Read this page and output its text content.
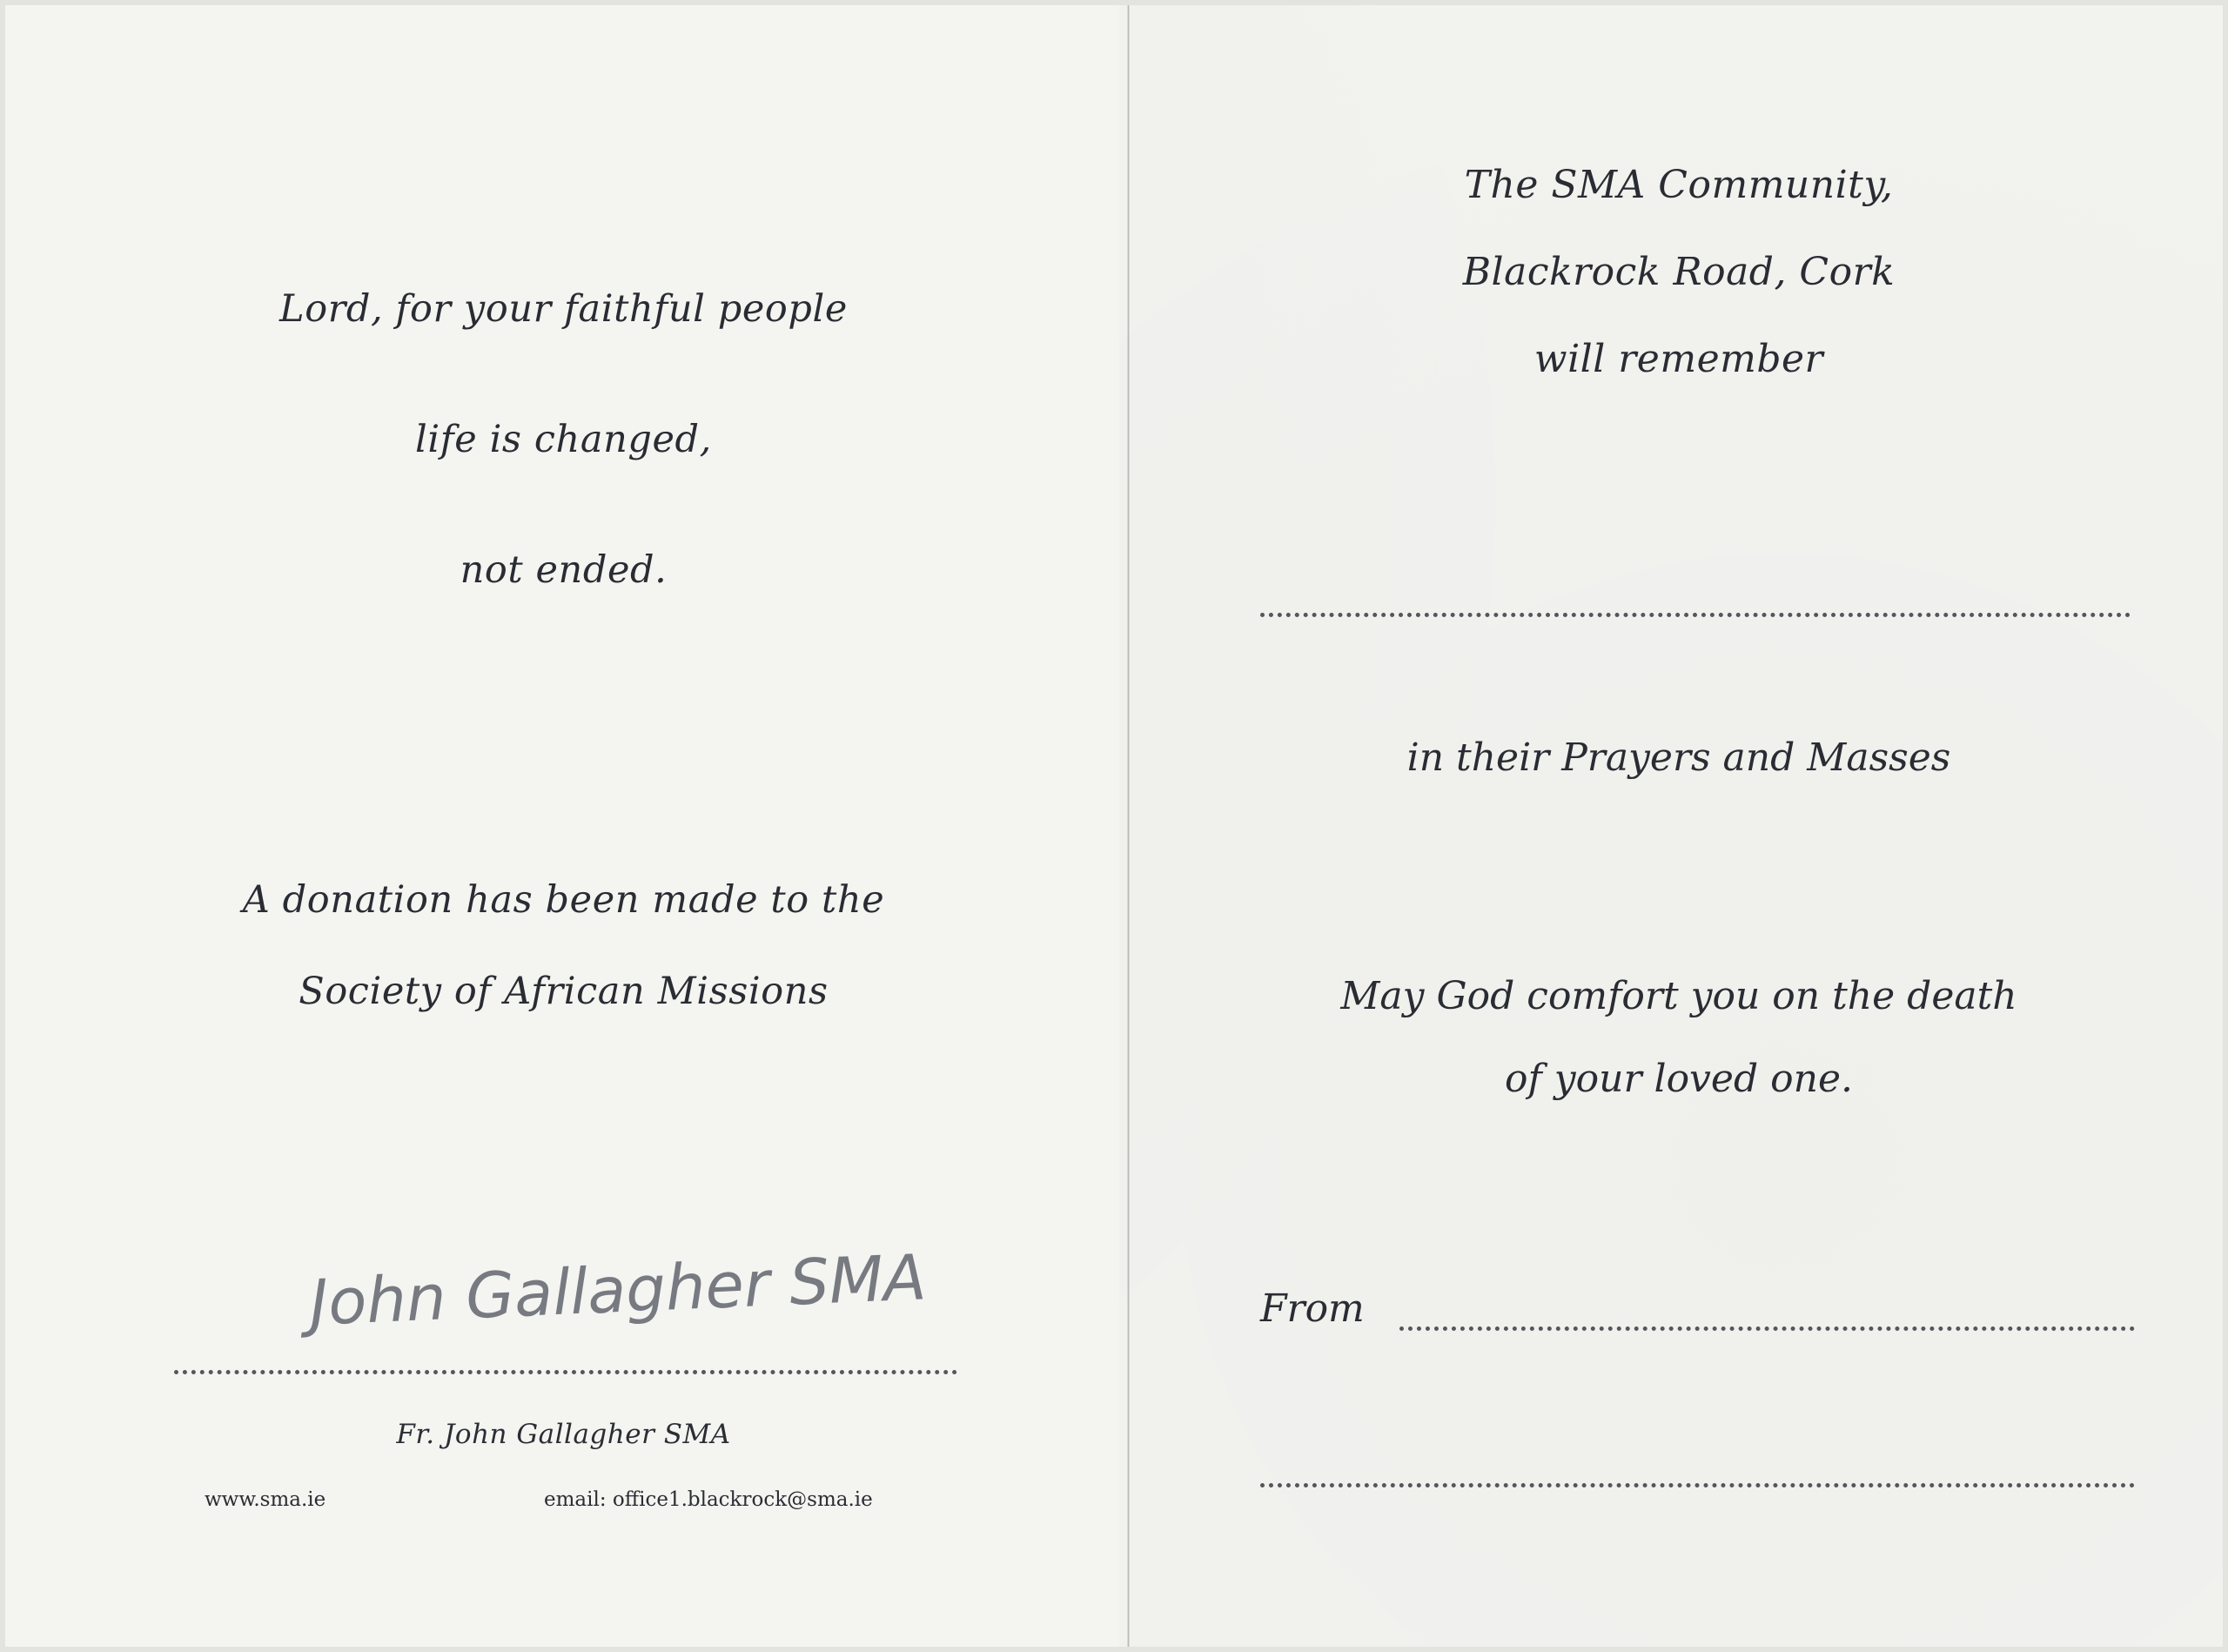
Lord, for your faithful people
life is changed,
not ended.
A donation has been made to the
Society of African Missions
John Gallagher SMA
Fr. John Gallagher SMA
www.sma.ie	email: office1.blackrock@sma.ie
The SMA Community,
Blackrock Road, Cork
will remember
in their Prayers and Masses
May God comfort you on the death
of your loved one.
From
